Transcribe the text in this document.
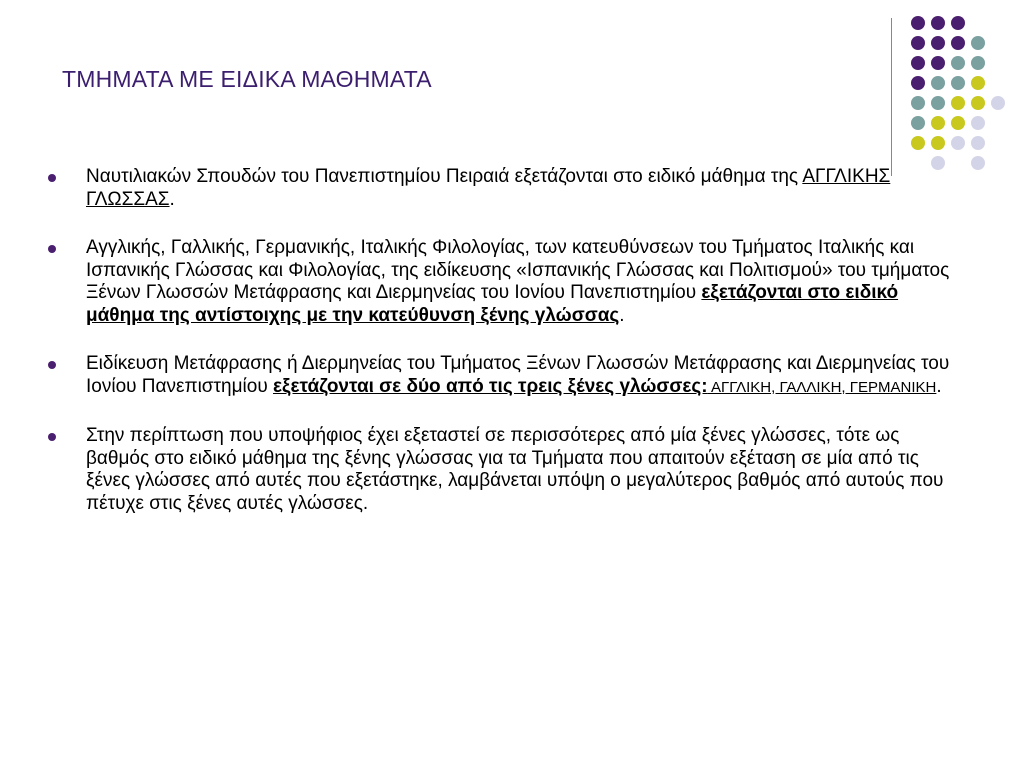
ΤΜΗΜΑΤΑ ΜΕ ΕΙΔΙΚΑ ΜΑΘΗΜΑΤΑ
Ναυτιλιακών Σπουδών του Πανεπιστημίου Πειραιά εξετάζονται στο ειδικό μάθημα της ΑΓΓΛΙΚΗΣ ΓΛΩΣΣΑΣ.
Αγγλικής, Γαλλικής, Γερμανικής, Ιταλικής Φιλολογίας, των κατευθύνσεων του Τμήματος Ιταλικής και Ισπανικής Γλώσσας και Φιλολογίας, της ειδίκευσης «Ισπανικής Γλώσσας και Πολιτισμού» του τμήματος Ξένων Γλωσσών Μετάφρασης και Διερμηνείας του Ιονίου Πανεπιστημίου εξετάζονται στο ειδικό μάθημα της αντίστοιχης με την κατεύθυνση ξένης γλώσσας.
Ειδίκευση Μετάφρασης ή Διερμηνείας του Τμήματος Ξένων Γλωσσών Μετάφρασης και Διερμηνείας του Ιονίου Πανεπιστημίου εξετάζονται σε δύο από τις τρεις ξένες γλώσσες: ΑΓΓΛΙΚΗ, ΓΑΛΛΙΚΗ, ΓΕΡΜΑΝΙΚΗ.
Στην περίπτωση που υποψήφιος έχει εξεταστεί σε περισσότερες από μία ξένες γλώσσες, τότε ως βαθμός στο ειδικό μάθημα της ξένης γλώσσας για τα Τμήματα που απαιτούν εξέταση σε μία από τις ξένες γλώσσες από αυτές που εξετάστηκε, λαμβάνεται υπόψη ο μεγαλύτερος βαθμός από αυτούς που πέτυχε στις ξένες αυτές γλώσσες.
